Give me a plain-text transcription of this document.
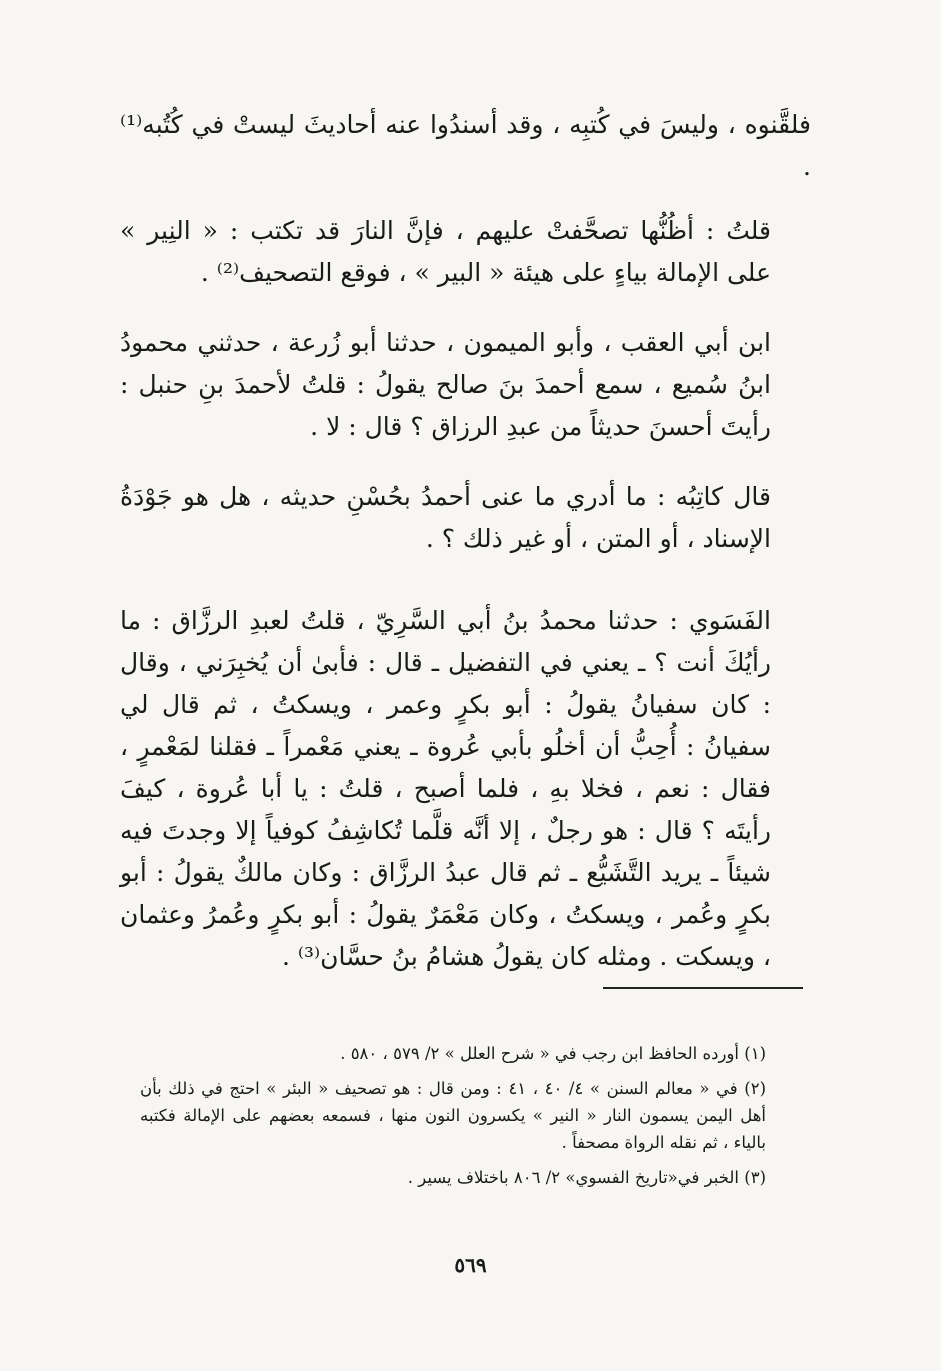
فلقَّنوه ، وليسَ في كُتبِه ، وقد أسندُوا عنه أحاديثَ ليستْ في كُتُبه⁽¹⁾ .

قلتُ : أظُنُّها تصحَّفتْ عليهم ، فإنَّ النارَ قد تكتب : « النِير » على الإمالة بياءٍ على هيئة « البير » ، فوقع التصحيف⁽²⁾ .

ابن أبي العقب ، وأبو الميمون ، حدثنا أبو زُرعة ، حدثني محمودُ ابنُ سُميع ، سمع أحمدَ بنَ صالح يقولُ : قلتُ لأحمدَ بنِ حنبل : رأيتَ أحسنَ حديثاً من عبدِ الرزاق ؟ قال : لا .

قال كاتِبُه : ما أدري ما عنى أحمدُ بحُسْنِ حديثه ، هل هو جَوْدَةُ الإسناد ، أو المتن ، أو غير ذلك ؟ .

الفَسَوي : حدثنا محمدُ بنُ أبي السَّرِيّ ، قلتُ لعبدِ الرزَّاق : ما رأيُكَ أنت ؟ ـ يعني في التفضيل ـ قال : فأبىٰ أن يُخبِرَني ، وقال : كان سفيانُ يقولُ : أبو بكرٍ وعمر ، ويسكتُ ، ثم قال لي سفيانُ : أُحِبُّ أن أخلُو بأبي عُروة ـ يعني مَعْمراً ـ فقلنا لمَعْمرٍ ، فقال : نعم ، فخلا بهِ ، فلما أصبح ، قلتُ : يا أبا عُروة ، كيفَ رأيتَه ؟ قال : هو رجلٌ ، إلا أنَّه قلَّما تُكاشِفُ كوفياً إلا وجدتَ فيه شيئاً ـ يريد التَّشَيُّع ـ ثم قال عبدُ الرزَّاق : وكان مالكٌ يقولُ : أبو بكرٍ وعُمر ، ويسكتُ ، وكان مَعْمَرٌ يقولُ : أبو بكرٍ وعُمرُ وعثمان ، ويسكت . ومثله كان يقولُ هشامُ بنُ حسَّان⁽³⁾ .

(١) أورده الحافظ ابن رجب في « شرح العلل » ٢/ ٥٧٩ ، ٥٨٠ .

(٢) في « معالم السنن » ٤/ ٤٠ ، ٤١ : ومن قال : هو تصحيف « البئر » احتج في ذلك بأن أهل اليمن يسمون النار « النير » يكسرون النون منها ، فسمعه بعضهم على الإمالة فكتبه بالياء ، ثم نقله الرواة مصحفاً .

(٣) الخبر في«تاريخ الفسوي» ٢/ ٨٠٦ باختلاف يسير .

٥٦٩
